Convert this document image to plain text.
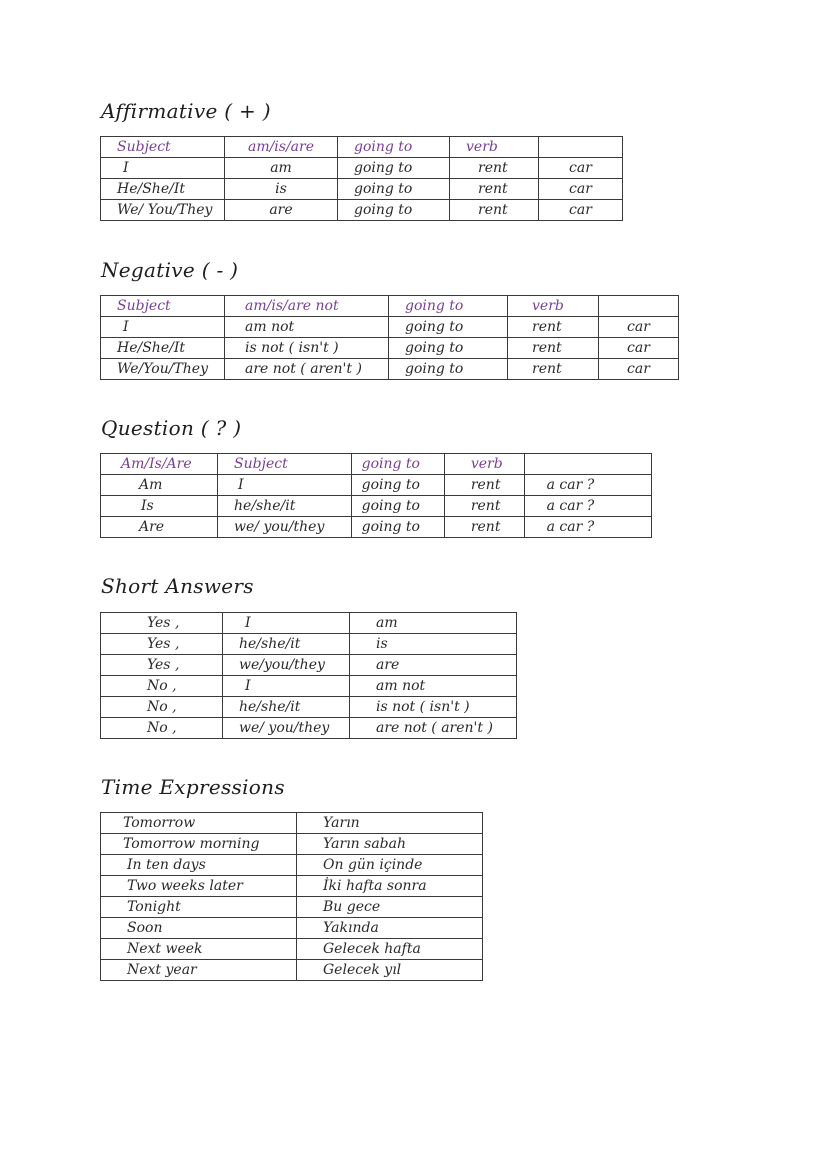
Affirmative ( + )
Subject	am/is/are	going to	verb	
I	am	going to	rent	car
He/She/It	is	going to	rent	car
We/ You/They	are	going to	rent	car
Negative ( - )
Subject	am/is/are not	going to	verb	
I	am not	going to	rent	car
He/She/It	is not ( isn't )	going to	rent	car
We/You/They	are not ( aren't )	going to	rent	car
Question ( ? )
Am/Is/Are	Subject	going to	verb	
Am	I	going to	rent	a car ?
Is	he/she/it	going to	rent	a car ?
Are	we/ you/they	going to	rent	a car ?
Short Answers
Yes ,	I	am
Yes ,	he/she/it	is
Yes ,	we/you/they	are
No ,	I	am not
No ,	he/she/it	is not ( isn't )
No ,	we/ you/they	are not ( aren't )
Time Expressions
Tomorrow	Yarın
Tomorrow morning	Yarın sabah
In ten days	On gün içinde
Two weeks later	İki hafta sonra
Tonight	Bu gece
Soon	Yakında
Next week	Gelecek hafta
Next year	Gelecek yıl
